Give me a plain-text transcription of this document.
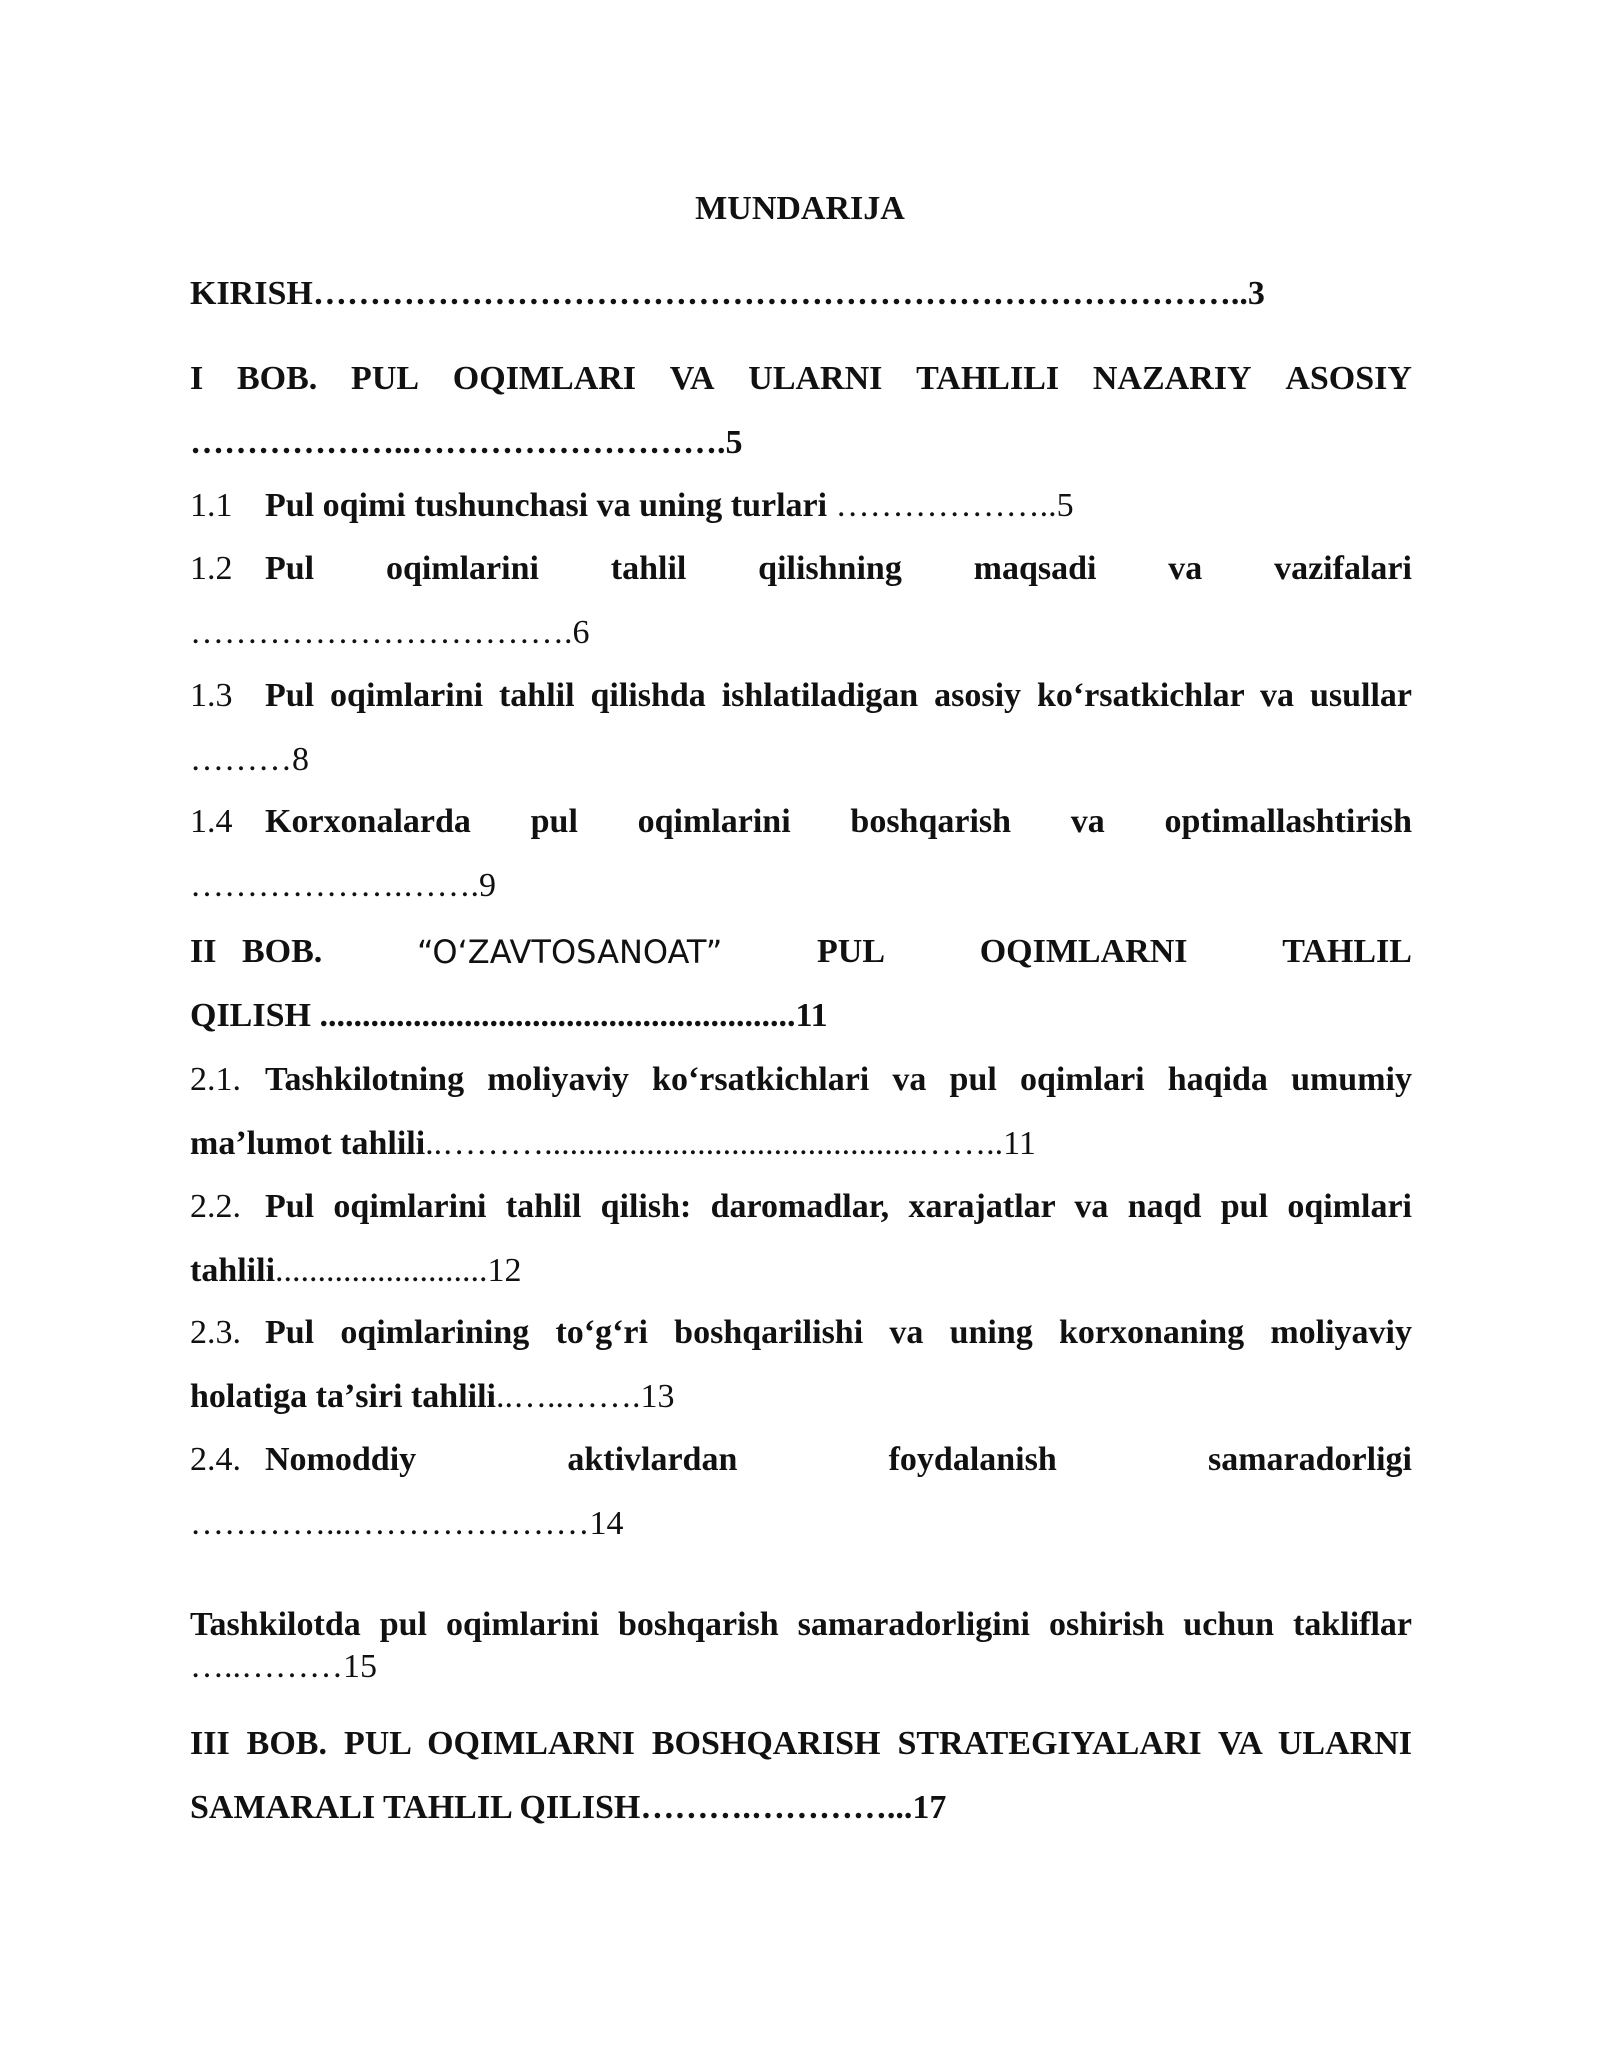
MUNDARIJA
KIRISH………………………………………………………………………..3
I BOB. PUL OQIMLARI VA ULARNI TAHLILI NAZARIY ASOSIY
………………..……………………….5
1.1 Pul oqimi tushunchasi va uning turlari ………………..5
1.2 Pul oqimlarini tahlil qilishning maqsadi va vazifalari
…………………………….6
1.3 Pul oqimlarini tahlil qilishda ishlatiladigan asosiy koʻrsatkichlar va usullar ………8
1.4 Korxonalarda pul oqimlarini boshqarish va optimallashtirish
……………….…….9
II BOB.	“OʻZAVTOSANOAT”	PUL	OQIMLARNI	TAHLIL
QILISH ........................................................11
2.1. Tashkilotning moliyaviy koʻrsatkichlari va pul oqimlari haqida umumiy maʼlumot tahlili..………............................................……..11
2.2. Pul oqimlarini tahlil qilish: daromadlar, xarajatlar va naqd pul oqimlari tahlili.........................12
2.3. Pul oqimlarining toʻgʻri boshqarilishi va uning korxonaning moliyaviy holatiga taʼsiri tahlili..…..…….13
2.4. Nomoddiy	aktivlardan	foydalanish	samaradorligi
…………...…………………14
Tashkilotda pul oqimlarini boshqarish samaradorligini oshirish uchun takliflar …..………15
III BOB. PUL OQIMLARNI BOSHQARISH STRATEGIYALARI VA ULARNI SAMARALI TAHLIL QILISH……….…………...17
